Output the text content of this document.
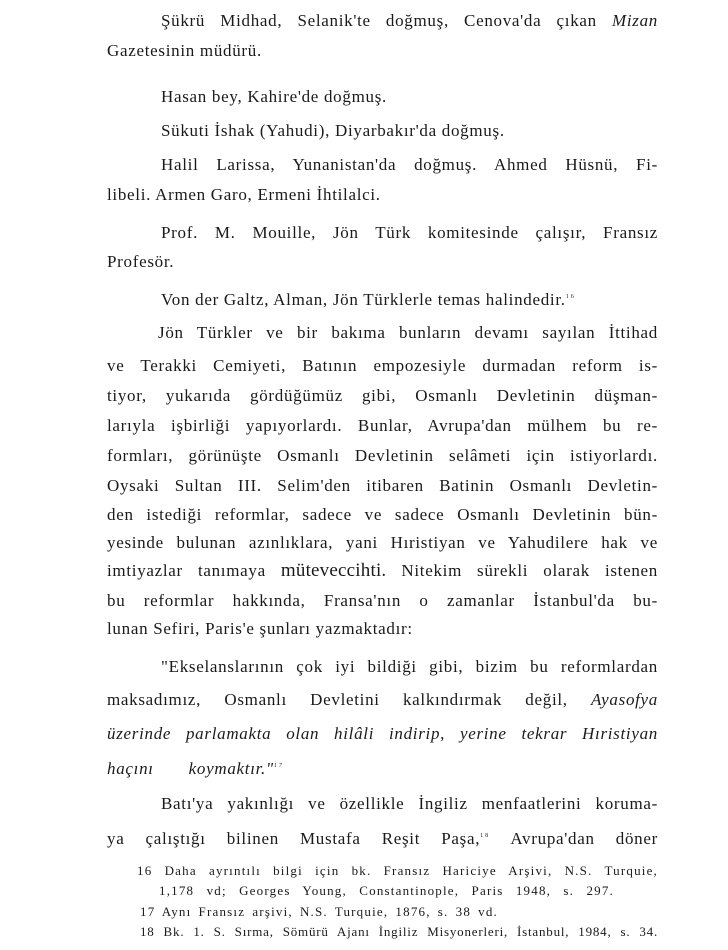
Şükrü Midhad, Selanik'te doğmuş, Cenova'da çıkan Mizan
Gazetesinin müdürü.
Hasan bey, Kahire'de doğmuş.
Sükuti İshak (Yahudi), Diyarbakır'da doğmuş.
Halil Larissa, Yunanistan'da doğmuş. Ahmed Hüsnü, Fi-
libeli. Armen Garo, Ermeni İhtilalci.
Prof. M. Mouille, Jön Türk komitesinde çalışır, Fransız
Profesör.
Von der Galtz, Alman, Jön Türklerle temas halindedir.$^{16}$
Jön Türkler ve bir bakıma bunların devamı sayılan İttihad
ve Terakki Cemiyeti, Batının empozesiyle durmadan reform is-
tiyor, yukarıda gördüğümüz gibi, Osmanlı Devletinin düşman-
larıyla işbirliği yapıyorlardı. Bunlar, Avrupa'dan mülhem bu re-
formları, görünüşte Osmanlı Devletinin selâmeti için istiyorlardı.
Oysaki Sultan III. Selim'den itibaren Batinin Osmanlı Devletin-
den istediği reformlar, sadece ve sadece Osmanlı Devletinin bün-
yesinde bulunan azınlıklara, yani Hıristiyan ve Yahudilere hak ve
imtiyazlar tanımaya müteveccihti. Nitekim sürekli olarak istenen
bu reformlar hakkında, Fransa'nın o zamanlar İstanbul'da bu-
lunan Sefiri, Paris'e şunları yazmaktadır:
"Ekselanslarının çok iyi bildiği gibi, bizim bu reformlardan
maksadımız, Osmanlı Devletini kalkındırmak değil, Ayasofya
üzerinde parlamakta olan hilâli indirip, yerine tekrar Hıristiyan
haçını koymaktır."$^{17}$
Batı'ya yakınlığı ve özellikle İngiliz menfaatlerini koruma-
ya çalıştığı bilinen Mustafa Reşit Paşa,$^{18}$ Avrupa'dan döner
16 Daha ayrıntılı bilgi için bk. Fransız Hariciye Arşivi, N.S. Turquie,
1,178 vd; Georges Young, Constantinople, Paris 1948, s. 297.
17 Aynı Fransız arşivi, N.S. Turquie, 1876, s. 38 vd.
18 Bk. 1. S. Sırma, Sömürü Ajanı İngiliz Misyonerleri, İstanbul, 1984, s. 34.
